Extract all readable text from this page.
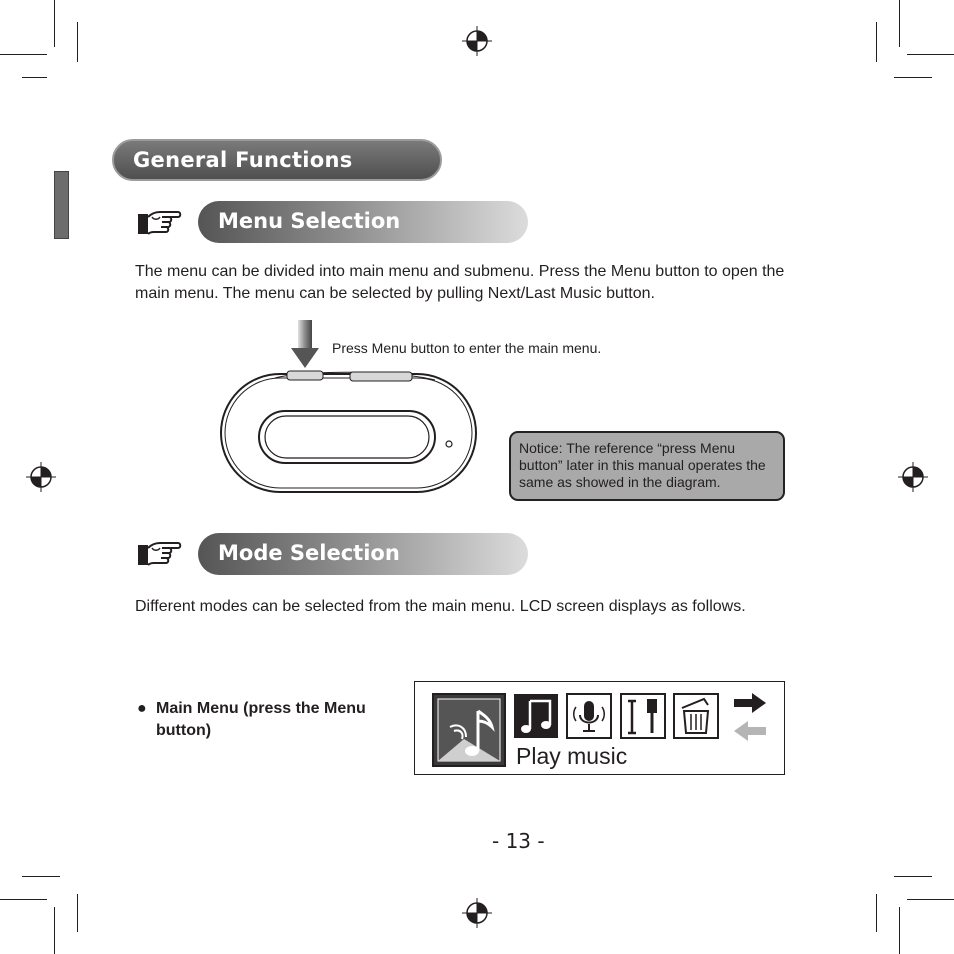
General Functions
Menu Selection

The menu can be divided into main menu and submenu. Press the Menu button to open the main menu. The menu can be selected by pulling Next/Last Music button.

Press Menu button to enter the main menu.
Notice: The reference “press Menu button” later in this manual operates the same as showed in the diagram.
Mode Selection

Different modes can be selected from the main menu. LCD screen displays as follows.

● Main Menu (press the Menu button)
Play music
- 13 -
